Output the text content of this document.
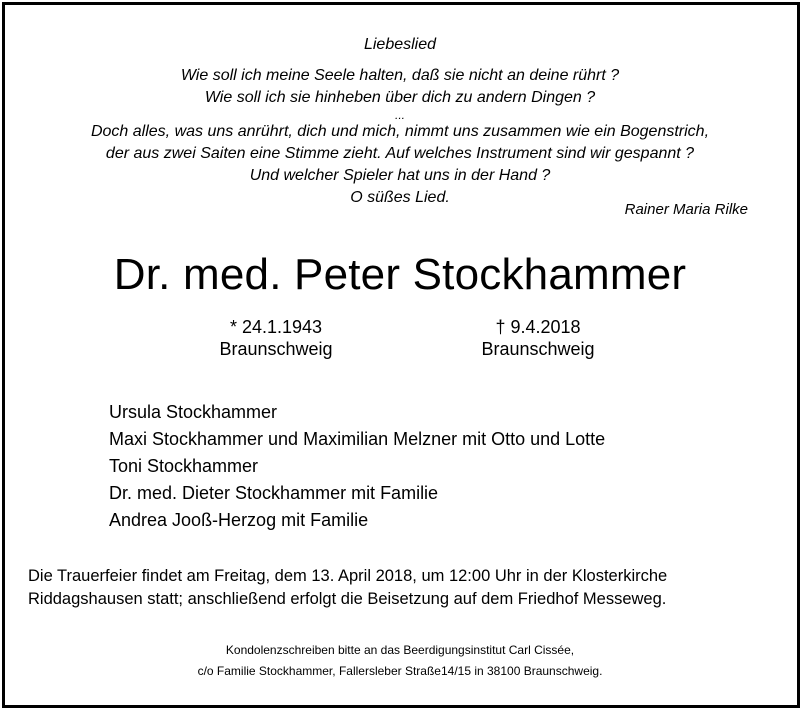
Liebeslied
Wie soll ich meine Seele halten, daß sie nicht an deine rührt ?
Wie soll ich sie hinheben über dich zu andern Dingen ?
...
Doch alles, was uns anrührt, dich und mich, nimmt uns zusammen wie ein Bogenstrich,
der aus zwei Saiten eine Stimme zieht. Auf welches Instrument sind wir gespannt ?
Und welcher Spieler hat uns in der Hand ?
O süßes Lied.
Rainer Maria Rilke
Dr. med. Peter Stockhammer
* 24.1.1943
Braunschweig
† 9.4.2018
Braunschweig
Ursula Stockhammer
Maxi Stockhammer und Maximilian Melzner mit Otto und Lotte
Toni Stockhammer
Dr. med. Dieter Stockhammer mit Familie
Andrea Jooß-Herzog mit Familie
Die Trauerfeier findet am Freitag, dem 13. April 2018, um 12:00 Uhr in der Klosterkirche
Riddagshausen statt; anschließend erfolgt die Beisetzung auf dem Friedhof Messeweg.
Kondolenzschreiben bitte an das Beerdigungsinstitut Carl Cissée,
c/o Familie Stockhammer, Fallersleber Straße14/15 in 38100 Braunschweig.
